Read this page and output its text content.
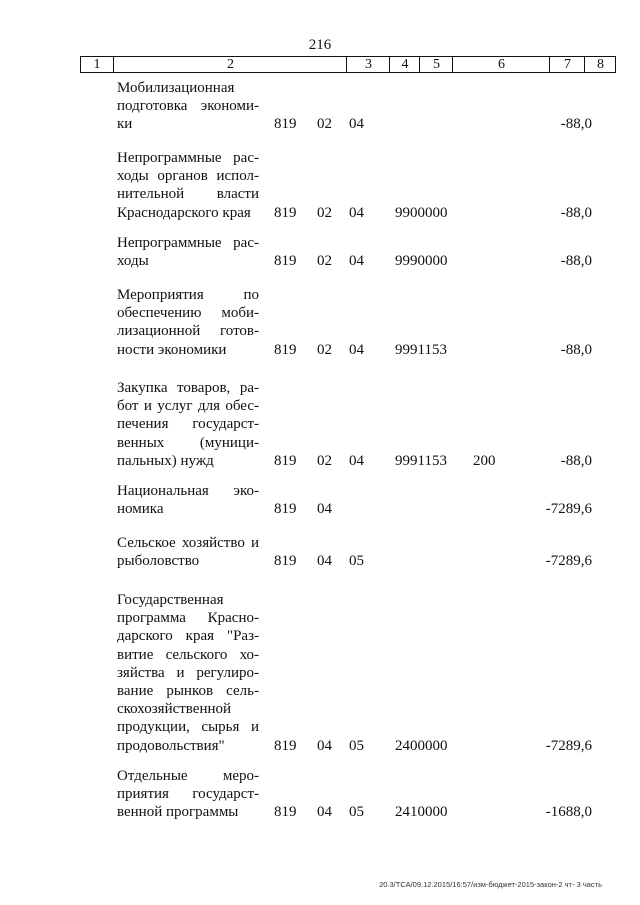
216
1	2	3	4	5	6	7	8
Мобилизационная
подготовка экономи-
ки	819 02 04	-88,0
Непрограммные рас-
ходы органов испол-
нительной власти
Краснодарского края	819 02 04 9900000	-88,0
Непрограммные рас-
ходы	819 02 04 9990000	-88,0
Мероприятия по
обеспечению моби-
лизационной готов-
ности экономики	819 02 04 9991153	-88,0
Закупка товаров, ра-
бот и услуг для обес-
печения государст-
венных (муници-
пальных) нужд	819 02 04 9991153 200	-88,0
Национальная эко-
номика	819 04	-7289,6
Сельское хозяйство и
рыболовство	819 04 05	-7289,6
Государственная
программа Красно-
дарского края "Раз-
витие сельского хо-
зяйства и регулиро-
вание рынков сель-
скохозяйственной
продукции, сырья и
продовольствия"	819 04 05 2400000	-7289,6
Отдельные меро-
приятия государст-
венной программы	819 04 05 2410000	-1688,0
20.3/ТСА/09.12.2015/16:57/изм-бюджет-2015-закон-2 чт- 3 часть
